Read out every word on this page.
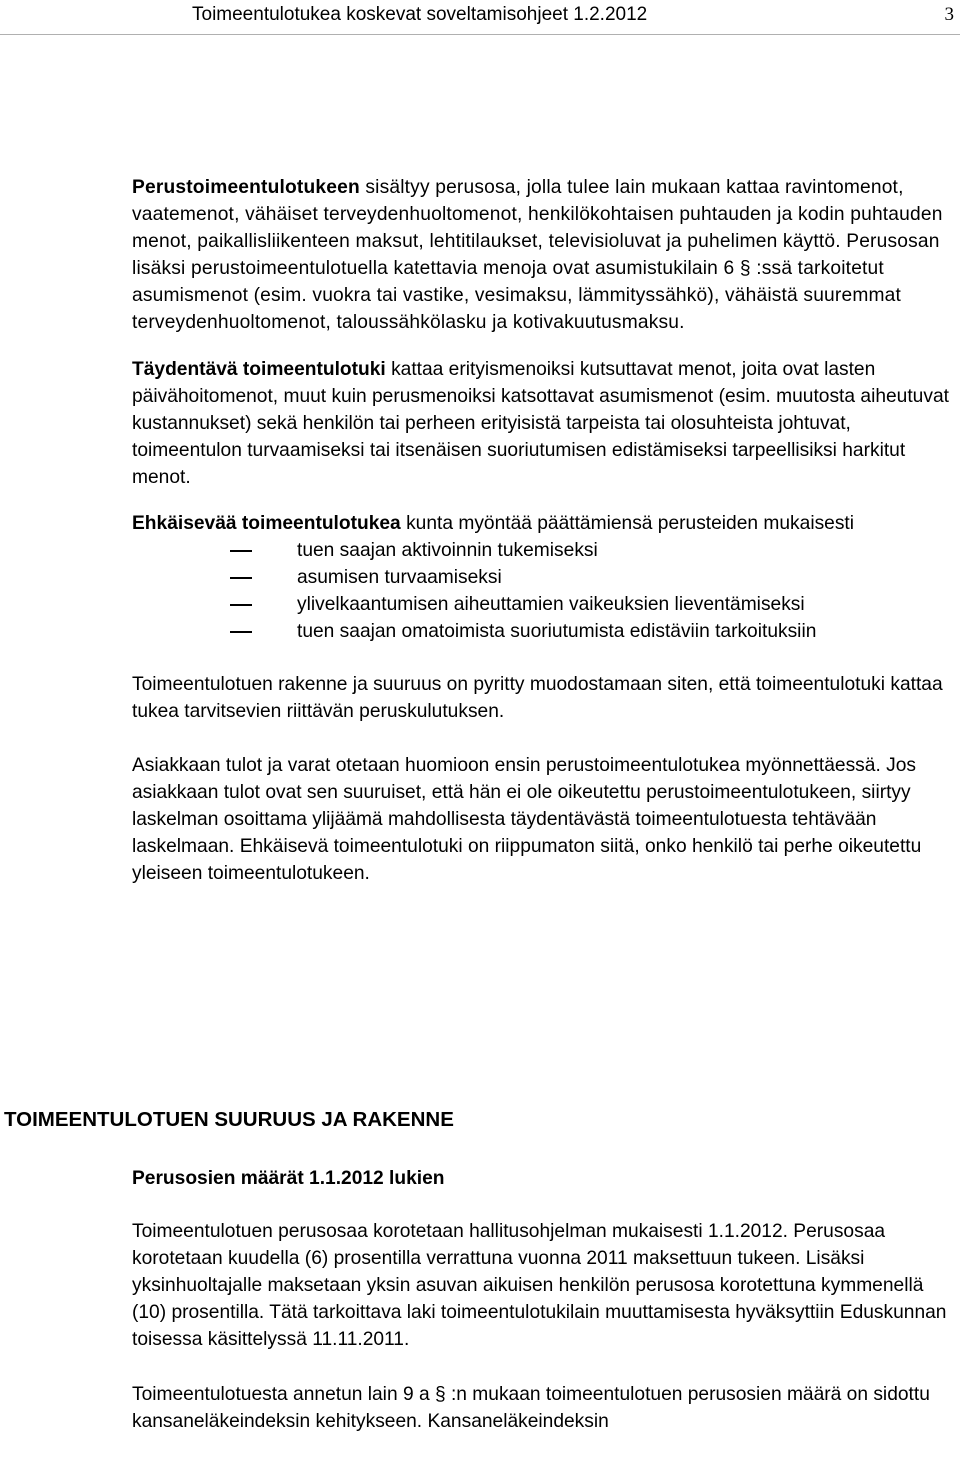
Toimeentulotukea koskevat soveltamisohjeet 1.2.2012	3

Perustoimeentulotukeen sisältyy perusosa, jolla tulee lain mukaan kattaa ravintomenot, vaatemenot, vähäiset terveydenhuoltomenot, henkilökohtaisen puhtauden ja kodin puhtauden menot, paikallisliikenteen maksut, lehtitilaukset, televisioluvat ja puhelimen käyttö. Perusosan lisäksi perustoimeentulotuella katettavia menoja ovat asumistukilain 6 § :ssä tarkoitetut asumismenot (esim. vuokra tai vastike, vesimaksu, lämmityssähkö), vähäistä suuremmat terveydenhuoltomenot, taloussähkölasku ja kotivakuutusmaksu.

Täydentävä toimeentulotuki kattaa erityismenoiksi kutsuttavat menot, joita ovat lasten päivähoitomenot, muut kuin perusmenoiksi katsottavat asumismenot (esim. muutosta aiheutuvat kustannukset) sekä henkilön tai perheen erityisistä tarpeista tai olosuhteista johtuvat, toimeentulon turvaamiseksi tai itsenäisen suoriutumisen edistämiseksi tarpeellisiksi harkitut menot.

Ehkäisevää toimeentulotukea kunta myöntää päättämiensä perusteiden mukaisesti

tuen saajan aktivoinnin tukemiseksi
asumisen turvaamiseksi
ylivelkaantumisen aiheuttamien vaikeuksien lieventämiseksi
tuen saajan omatoimista suoriutumista edistäviin tarkoituksiin

Toimeentulotuen rakenne ja suuruus on pyritty muodostamaan siten, että toimeentulotuki kattaa tukea tarvitsevien riittävän peruskulutuksen.

Asiakkaan tulot ja varat otetaan huomioon ensin perustoimeentulotukea myönnettäessä. Jos asiakkaan tulot ovat sen suuruiset, että hän ei ole oikeutettu perustoimeentulotukeen, siirtyy laskelman osoittama ylijäämä mahdollisesta täydentävästä toimeentulotuesta tehtävään laskelmaan. Ehkäisevä toimeentulotuki on riippumaton siitä, onko henkilö tai perhe oikeutettu yleiseen toimeentulotukeen.

TOIMEENTULOTUEN SUURUUS JA RAKENNE

Perusosien määrät 1.1.2012 lukien

Toimeentulotuen perusosaa korotetaan hallitusohjelman mukaisesti 1.1.2012. Perusosaa korotetaan kuudella (6) prosentilla verrattuna vuonna 2011 maksettuun tukeen. Lisäksi yksinhuoltajalle maksetaan yksin asuvan aikuisen henkilön perusosa korotettuna kymmenellä (10) prosentilla. Tätä tarkoittava laki toimeentulotukilain muuttamisesta hyväksyttiin Eduskunnan toisessa käsittelyssä 11.11.2011.

Toimeentulotuesta annetun lain 9 a § :n mukaan toimeentulotuen perusosien määrä on sidottu kansaneläkeindeksin kehitykseen. Kansaneläkeindeksin
